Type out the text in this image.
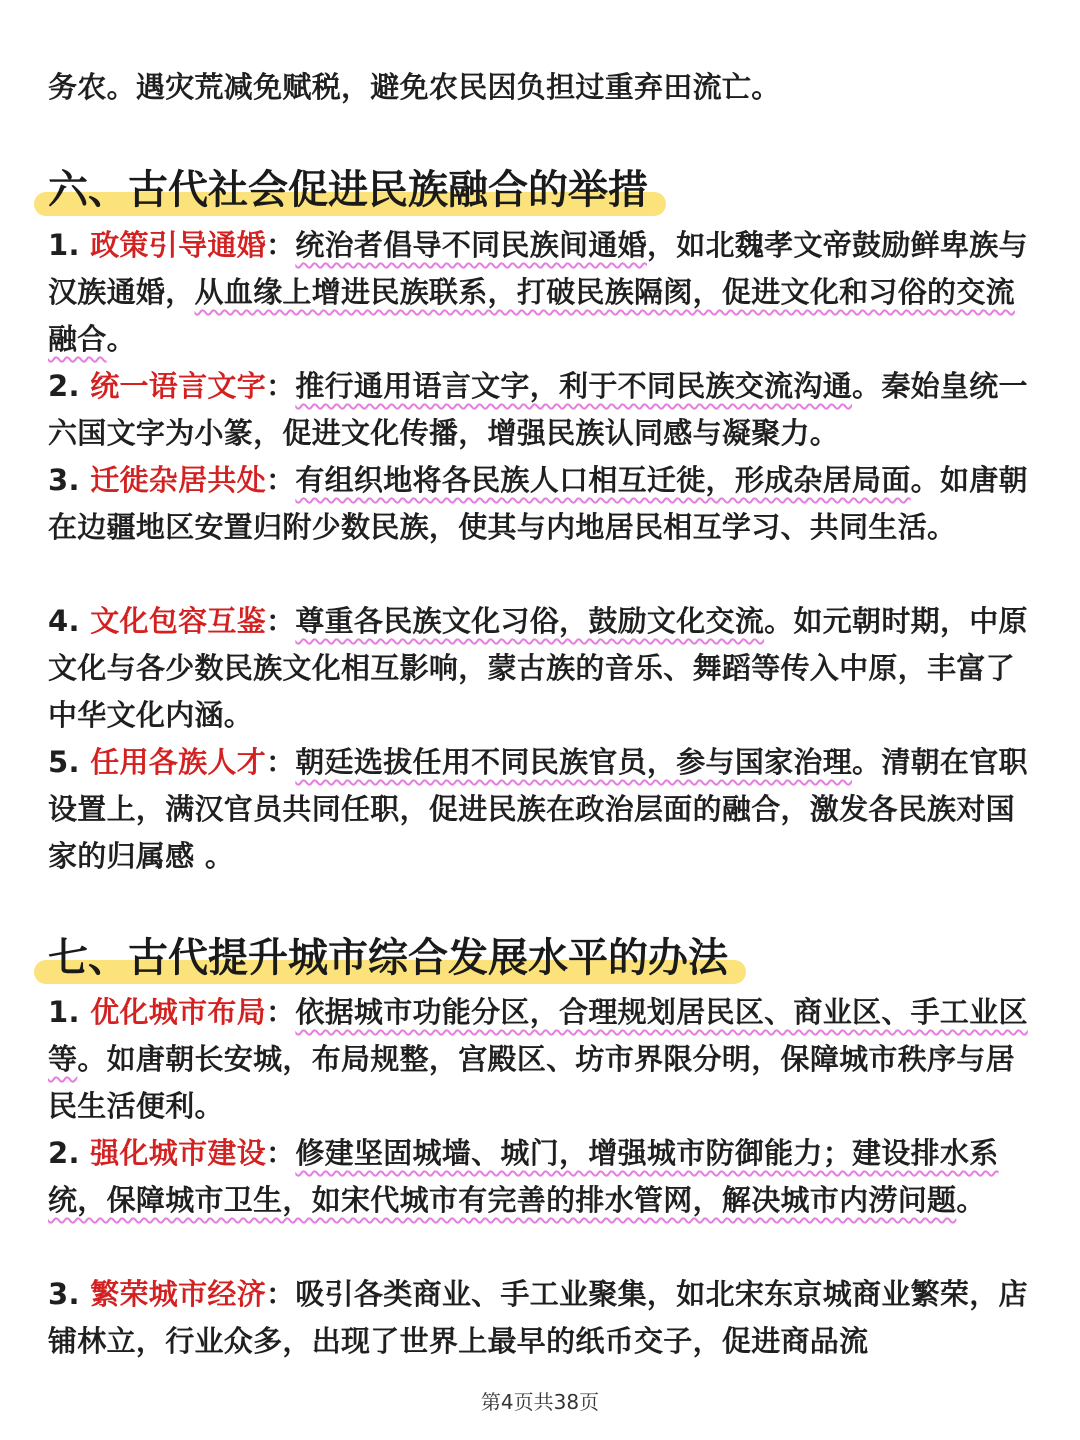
务农。遇灾荒减免赋税，避免农民因负担过重弃田流亡。

六、古代社会促进民族融合的举措

1. 政策引导通婚：统治者倡导不同民族间通婚，如北魏孝文帝鼓励鲜卑族与汉族通婚，从血缘上增进民族联系，打破民族隔阂，促进文化和习俗的交流融合。

2. 统一语言文字：推行通用语言文字，利于不同民族交流沟通。秦始皇统一六国文字为小篆，促进文化传播，增强民族认同感与凝聚力。

3. 迁徙杂居共处：有组织地将各民族人口相互迁徙，形成杂居局面。如唐朝在边疆地区安置归附少数民族，使其与内地居民相互学习、共同生活。

4. 文化包容互鉴：尊重各民族文化习俗，鼓励文化交流。如元朝时期，中原文化与各少数民族文化相互影响，蒙古族的音乐、舞蹈等传入中原，丰富了中华文化内涵。

5. 任用各族人才：朝廷选拔任用不同民族官员，参与国家治理。清朝在官职设置上，满汉官员共同任职，促进民族在政治层面的融合，激发各民族对国家的归属感 。

七、古代提升城市综合发展水平的办法

1. 优化城市布局：依据城市功能分区，合理规划居民区、商业区、手工业区等。如唐朝长安城，布局规整，宫殿区、坊市界限分明，保障城市秩序与居民生活便利。

2. 强化城市建设：修建坚固城墙、城门，增强城市防御能力；建设排水系统，保障城市卫生，如宋代城市有完善的排水管网，解决城市内涝问题。

3. 繁荣城市经济：吸引各类商业、手工业聚集，如北宋东京城商业繁荣，店铺林立，行业众多，出现了世界上最早的纸币交子，促进商品流

第4页共38页
